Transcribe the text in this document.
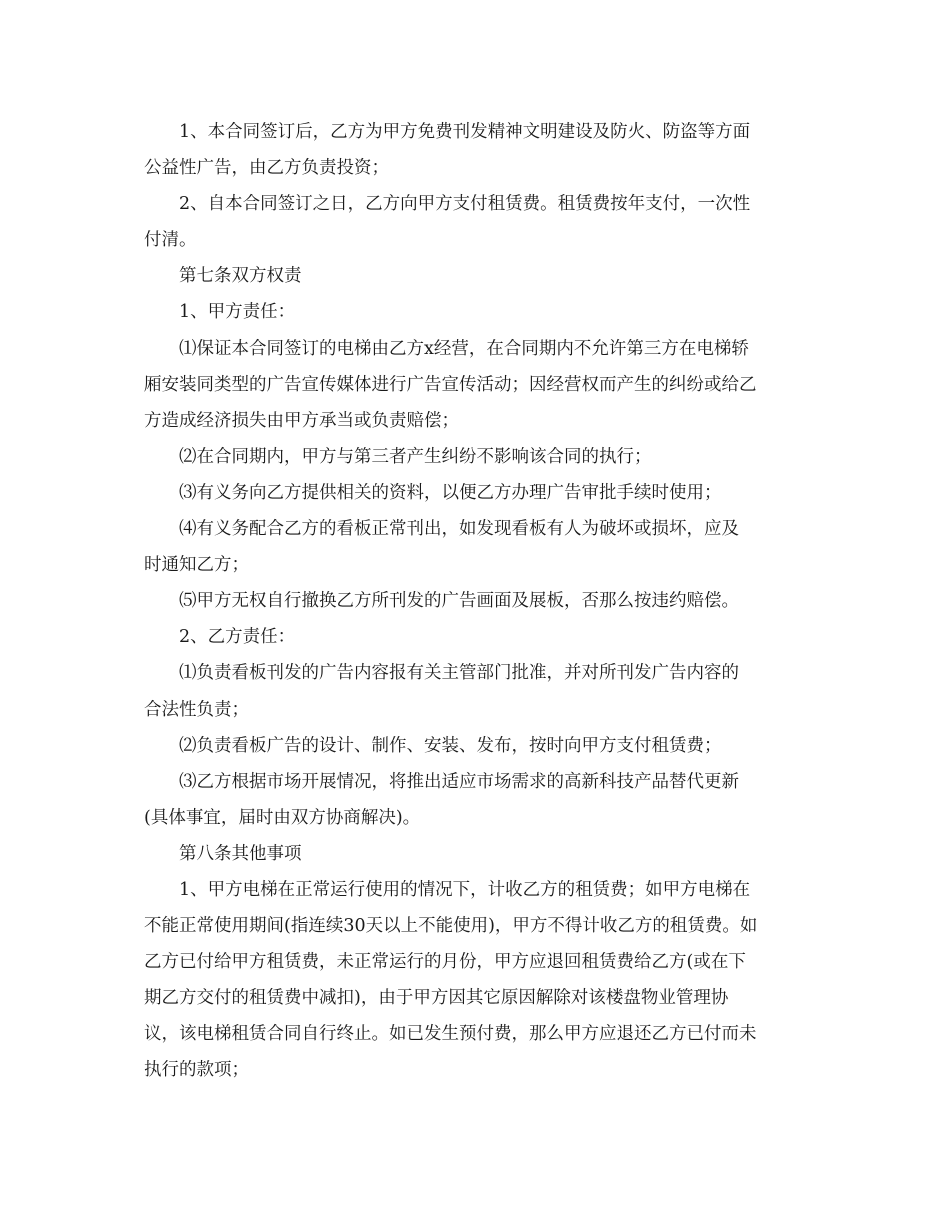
1、本合同签订后，乙方为甲方免费刊发精神文明建设及防火、防盗等方面
公益性广告，由乙方负责投资；
2、自本合同签订之日，乙方向甲方支付租赁费。租赁费按年支付，一次性
付清。
第七条双方权责
1、甲方责任：
⑴保证本合同签订的电梯由乙方x经营，在合同期内不允许第三方在电梯轿
厢安装同类型的广告宣传媒体进行广告宣传活动；因经营权而产生的纠纷或给乙
方造成经济损失由甲方承当或负责赔偿；
⑵在合同期内，甲方与第三者产生纠纷不影响该合同的执行；
⑶有义务向乙方提供相关的资料，以便乙方办理广告审批手续时使用；
⑷有义务配合乙方的看板正常刊出，如发现看板有人为破坏或损坏，应及
时通知乙方；
⑸甲方无权自行撤换乙方所刊发的广告画面及展板，否那么按违约赔偿。
2、乙方责任：
⑴负责看板刊发的广告内容报有关主管部门批准，并对所刊发广告内容的
合法性负责；
⑵负责看板广告的设计、制作、安装、发布，按时向甲方支付租赁费；
⑶乙方根据市场开展情况，将推出适应市场需求的高新科技产品替代更新
(具体事宜，届时由双方协商解决)。
第八条其他事项
1、甲方电梯在正常运行使用的情况下，计收乙方的租赁费；如甲方电梯在
不能正常使用期间(指连续30天以上不能使用)，甲方不得计收乙方的租赁费。如
乙方已付给甲方租赁费，未正常运行的月份，甲方应退回租赁费给乙方(或在下
期乙方交付的租赁费中减扣)，由于甲方因其它原因解除对该楼盘物业管理协
议，该电梯租赁合同自行终止。如已发生预付费，那么甲方应退还乙方已付而未
执行的款项；
